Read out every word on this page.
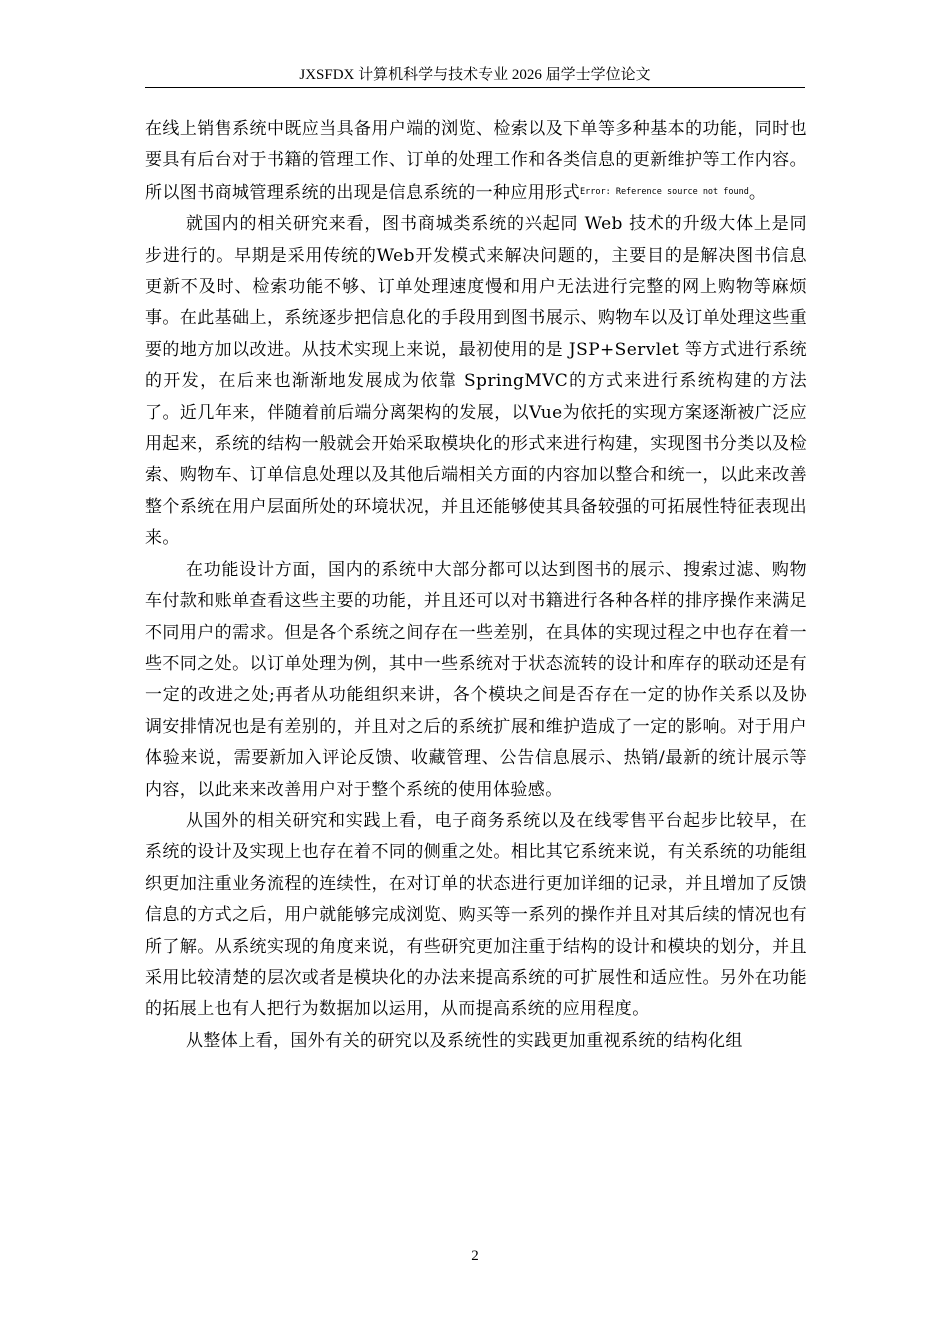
JXSFDX 计算机科学与技术专业 2026 届学士学位论文

在线上销售系统中既应当具备用户端的浏览、检索以及下单等多种基本的功能，同时也要具有后台对于书籍的管理工作、订单的处理工作和各类信息的更新维护等工作内容。所以图书商城管理系统的出现是信息系统的一种应用形式$^{Error: Reference source not found}$。

就国内的相关研究来看，图书商城类系统的兴起同 Web 技术的升级大体上是同步进行的。早期是采用传统的Web开发模式来解决问题的，主要目的是解决图书信息更新不及时、检索功能不够、订单处理速度慢和用户无法进行完整的网上购物等麻烦事。在此基础上，系统逐步把信息化的手段用到图书展示、购物车以及订单处理这些重要的地方加以改进。从技术实现上来说，最初使用的是 JSP+Servlet 等方式进行系统的开发，在后来也渐渐地发展成为依靠 SpringMVC的方式来进行系统构建的方法了。近几年来，伴随着前后端分离架构的发展，以Vue为依托的实现方案逐渐被广泛应用起来，系统的结构一般就会开始采取模块化的形式来进行构建，实现图书分类以及检索、购物车、订单信息处理以及其他后端相关方面的内容加以整合和统一，以此来改善整个系统在用户层面所处的环境状况，并且还能够使其具备较强的可拓展性特征表现出来。

在功能设计方面，国内的系统中大部分都可以达到图书的展示、搜索过滤、购物车付款和账单查看这些主要的功能，并且还可以对书籍进行各种各样的排序操作来满足不同用户的需求。但是各个系统之间存在一些差别，在具体的实现过程之中也存在着一些不同之处。以订单处理为例，其中一些系统对于状态流转的设计和库存的联动还是有一定的改进之处;再者从功能组织来讲，各个模块之间是否存在一定的协作关系以及协调安排情况也是有差别的，并且对之后的系统扩展和维护造成了一定的影响。对于用户体验来说，需要新加入评论反馈、收藏管理、公告信息展示、热销/最新的统计展示等内容，以此来来改善用户对于整个系统的使用体验感。

从国外的相关研究和实践上看，电子商务系统以及在线零售平台起步比较早，在系统的设计及实现上也存在着不同的侧重之处。相比其它系统来说，有关系统的功能组织更加注重业务流程的连续性，在对订单的状态进行更加详细的记录，并且增加了反馈信息的方式之后，用户就能够完成浏览、购买等一系列的操作并且对其后续的情况也有所了解。从系统实现的角度来说，有些研究更加注重于结构的设计和模块的划分，并且采用比较清楚的层次或者是模块化的办法来提高系统的可扩展性和适应性。另外在功能的拓展上也有人把行为数据加以运用，从而提高系统的应用程度。

从整体上看，国外有关的研究以及系统性的实践更加重视系统的结构化组

2
